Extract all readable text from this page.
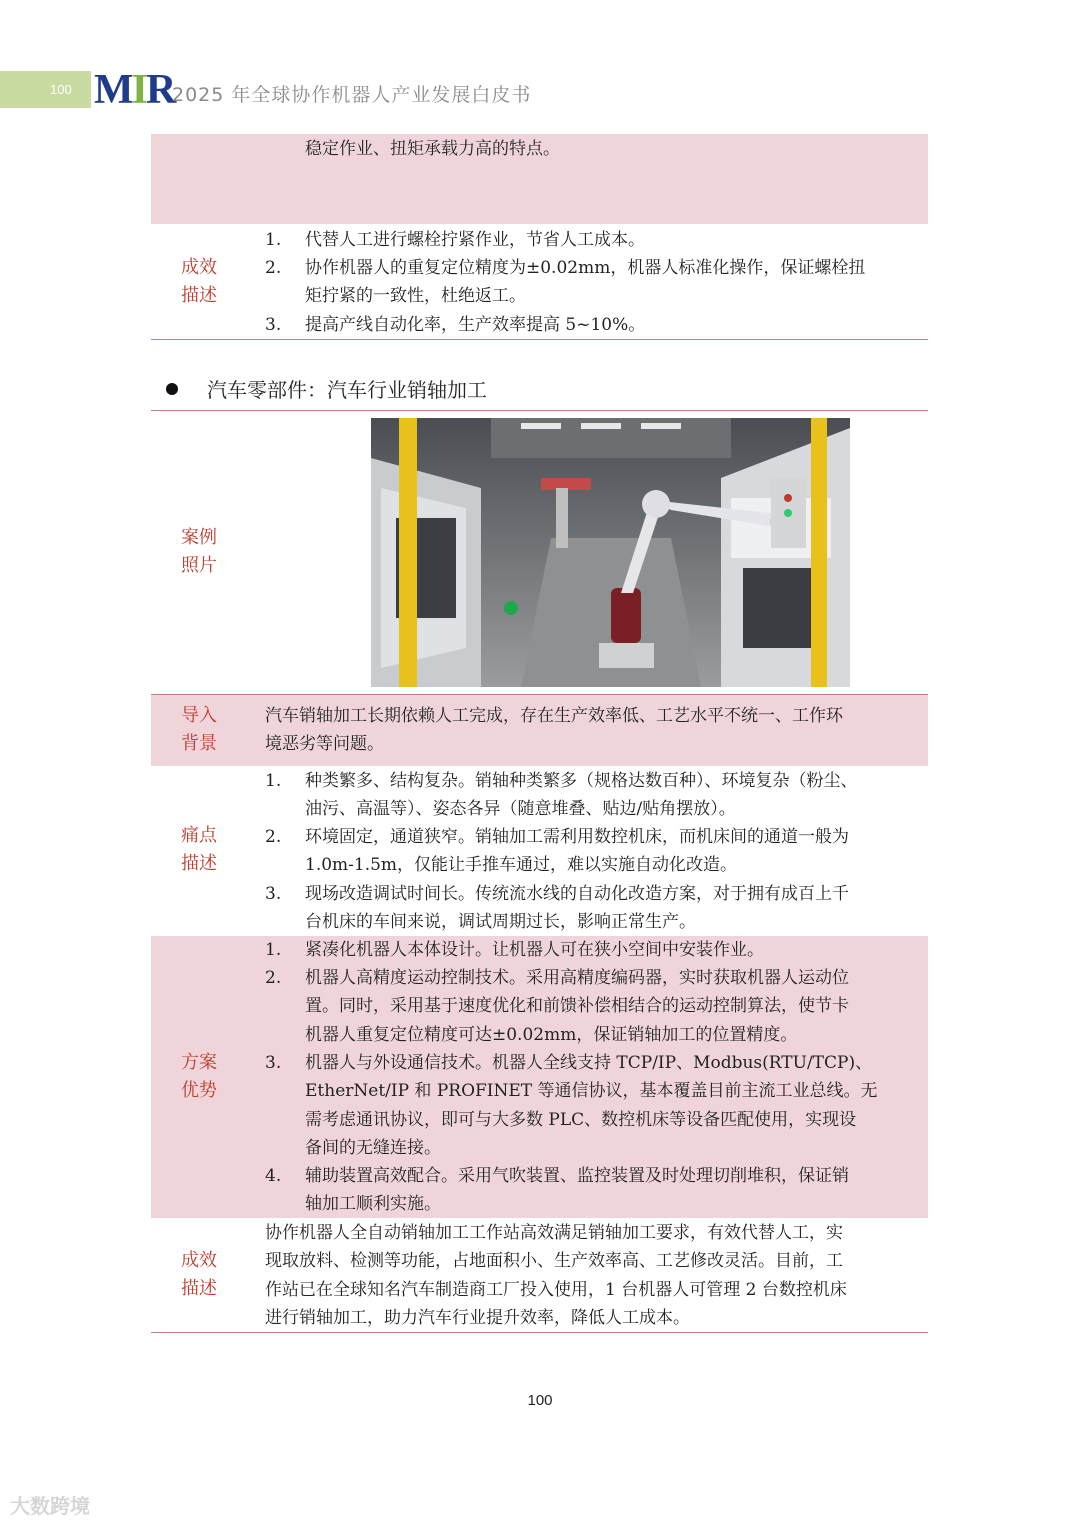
100 MIR
2025 年全球协作机器人产业发展白皮书
稳定作业、扭矩承载力高的特点。
成效
描述
1. 代替人工进行螺栓拧紧作业，节省人工成本。
2. 协作机器人的重复定位精度为±0.02mm，机器人标准化操作，保证螺栓扭
矩拧紧的一致性，杜绝返工。
3. 提高产线自动化率，生产效率提高 5~10%。
汽车零部件：汽车行业销轴加工
案例
照片
导入
背景
汽车销轴加工长期依赖人工完成，存在生产效率低、工艺水平不统一、工作环
境恶劣等问题。
痛点
描述
1. 种类繁多、结构复杂。销轴种类繁多（规格达数百种）、环境复杂（粉尘、
油污、高温等）、姿态各异（随意堆叠、贴边/贴角摆放）。
2. 环境固定，通道狭窄。销轴加工需利用数控机床，而机床间的通道一般为
1.0m-1.5m，仅能让手推车通过，难以实施自动化改造。
3. 现场改造调试时间长。传统流水线的自动化改造方案，对于拥有成百上千
台机床的车间来说，调试周期过长，影响正常生产。
方案
优势
1. 紧凑化机器人本体设计。让机器人可在狭小空间中安装作业。
2. 机器人高精度运动控制技术。采用高精度编码器，实时获取机器人运动位
置。同时，采用基于速度优化和前馈补偿相结合的运动控制算法，使节卡
机器人重复定位精度可达±0.02mm，保证销轴加工的位置精度。
3. 机器人与外设通信技术。机器人全线支持 TCP/IP、Modbus(RTU/TCP)、
EtherNet/IP 和 PROFINET 等通信协议，基本覆盖目前主流工业总线。无
需考虑通讯协议，即可与大多数 PLC、数控机床等设备匹配使用，实现设
备间的无缝连接。
4. 辅助装置高效配合。采用气吹装置、监控装置及时处理切削堆积，保证销
轴加工顺利实施。
成效
描述
协作机器人全自动销轴加工工作站高效满足销轴加工要求，有效代替人工，实
现取放料、检测等功能，占地面积小、生产效率高、工艺修改灵活。目前，工
作站已在全球知名汽车制造商工厂投入使用，1 台机器人可管理 2 台数控机床
进行销轴加工，助力汽车行业提升效率，降低人工成本。
100
大数跨境
